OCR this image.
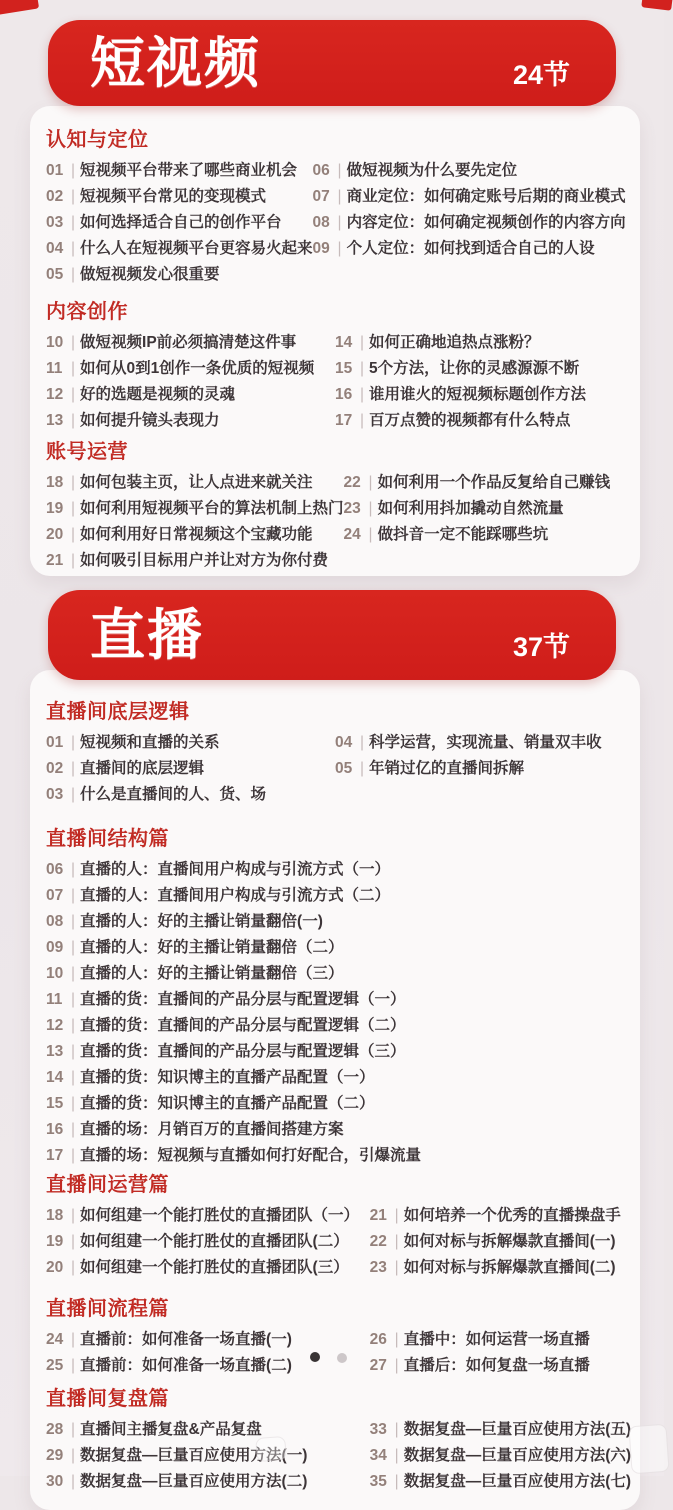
短视频	24节
认知与定位
01 | 短视频平台带来了哪些商业机会
02 | 短视频平台常见的变现模式
03 | 如何选择适合自己的创作平台
04 | 什么人在短视频平台更容易火起来
05 | 做短视频发心很重要
06 | 做短视频为什么要先定位
07 | 商业定位：如何确定账号后期的商业模式
08 | 内容定位：如何确定视频创作的内容方向
09 | 个人定位：如何找到适合自己的人设
内容创作
10 | 做短视频IP前必须搞清楚这件事
11 | 如何从0到1创作一条优质的短视频
12 | 好的选题是视频的灵魂
13 | 如何提升镜头表现力
14 | 如何正确地追热点涨粉？
15 | 5个方法，让你的灵感源源不断
16 | 谁用谁火的短视频标题创作方法
17 | 百万点赞的视频都有什么特点
账号运营
18 | 如何包装主页，让人点进来就关注
19 | 如何利用短视频平台的算法机制上热门
20 | 如何利用好日常视频这个宝藏功能
21 | 如何吸引目标用户并让对方为你付费
22 | 如何利用一个作品反复给自己赚钱
23 | 如何利用抖加撬动自然流量
24 | 做抖音一定不能踩哪些坑
直播	37节
直播间底层逻辑
01 | 短视频和直播的关系
02 | 直播间的底层逻辑
03 | 什么是直播间的人、货、场
04 | 科学运营，实现流量、销量双丰收
05 | 年销过亿的直播间拆解
直播间结构篇
06 | 直播的人：直播间用户构成与引流方式（一）
07 | 直播的人：直播间用户构成与引流方式（二）
08 | 直播的人：好的主播让销量翻倍(一)
09 | 直播的人：好的主播让销量翻倍（二）
10 | 直播的人：好的主播让销量翻倍（三）
11 | 直播的货：直播间的产品分层与配置逻辑（一）
12 | 直播的货：直播间的产品分层与配置逻辑（二）
13 | 直播的货：直播间的产品分层与配置逻辑（三）
14 | 直播的货：知识博主的直播产品配置（一）
15 | 直播的货：知识博主的直播产品配置（二）
16 | 直播的场：月销百万的直播间搭建方案
17 | 直播的场：短视频与直播如何打好配合，引爆流量
直播间运营篇
18 | 如何组建一个能打胜仗的直播团队（一）
19 | 如何组建一个能打胜仗的直播团队(二）
20 | 如何组建一个能打胜仗的直播团队(三）
21 | 如何培养一个优秀的直播操盘手
22 | 如何对标与拆解爆款直播间(一)
23 | 如何对标与拆解爆款直播间(二)
直播间流程篇
24 | 直播前：如何准备一场直播(一)
25 | 直播前：如何准备一场直播(二)
26 | 直播中：如何运营一场直播
27 | 直播后：如何复盘一场直播
直播间复盘篇
28 | 直播间主播复盘&产品复盘
29 | 数据复盘—巨量百应使用方法(一)
30 | 数据复盘—巨量百应使用方法(二)
33 | 数据复盘—巨量百应使用方法(五)
34 | 数据复盘—巨量百应使用方法(六)
35 | 数据复盘—巨量百应使用方法(七)
